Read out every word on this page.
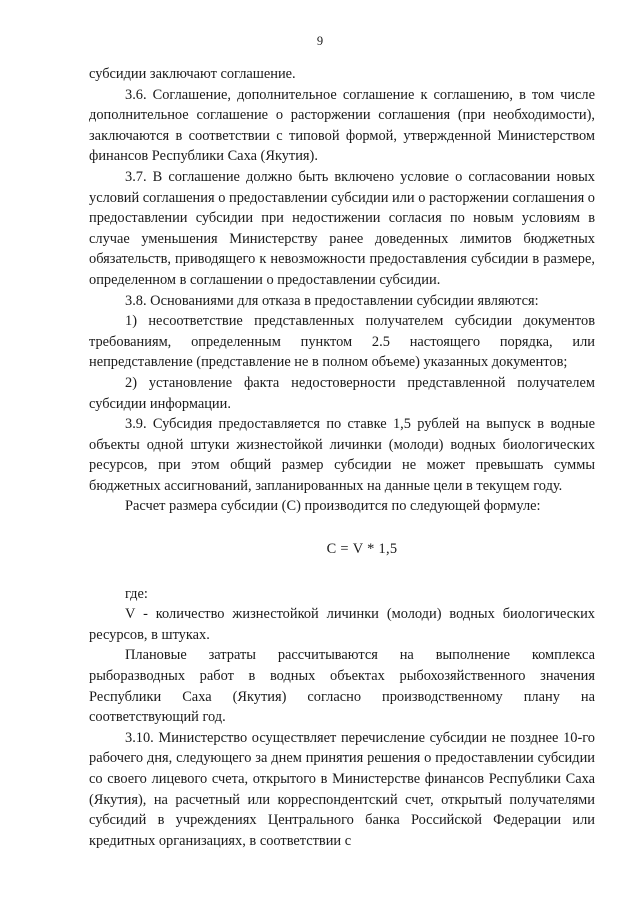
9

субсидии заключают соглашение.

3.6. Соглашение, дополнительное соглашение к соглашению, в том числе дополнительное соглашение о расторжении соглашения (при необходимости), заключаются в соответствии с типовой формой, утвержденной Министерством финансов Республики Саха (Якутия).

3.7. В соглашение должно быть включено условие о согласовании новых условий соглашения о предоставлении субсидии или о расторжении соглашения о предоставлении субсидии при недостижении согласия по новым условиям в случае уменьшения Министерству ранее доведенных лимитов бюджетных обязательств, приводящего к невозможности предоставления субсидии в размере, определенном в соглашении о предоставлении субсидии.

3.8. Основаниями для отказа в предоставлении субсидии являются:

1) несоответствие представленных получателем субсидии документов требованиям, определенным пунктом 2.5 настоящего порядка, или непредставление (представление не в полном объеме) указанных документов;

2) установление факта недостоверности представленной получателем субсидии информации.

3.9. Субсидия предоставляется по ставке 1,5 рублей на выпуск в водные объекты одной штуки жизнестойкой личинки (молоди) водных биологических ресурсов, при этом общий размер субсидии не может превышать суммы бюджетных ассигнований, запланированных на данные цели в текущем году.

Расчет размера субсидии (С) производится по следующей формуле:

С = V * 1,5

где:

V - количество жизнестойкой личинки (молоди) водных биологических ресурсов, в штуках.

Плановые затраты рассчитываются на выполнение комплекса рыборазводных работ в водных объектах рыбохозяйственного значения Республики Саха (Якутия) согласно производственному плану на соответствующий год.

3.10. Министерство осуществляет перечисление субсидии не позднее 10-го рабочего дня, следующего за днем принятия решения о предоставлении субсидии со своего лицевого счета, открытого в Министерстве финансов Республики Саха (Якутия), на расчетный или корреспондентский счет, открытый получателями субсидий в учреждениях Центрального банка Российской Федерации или кредитных организациях, в соответствии с
